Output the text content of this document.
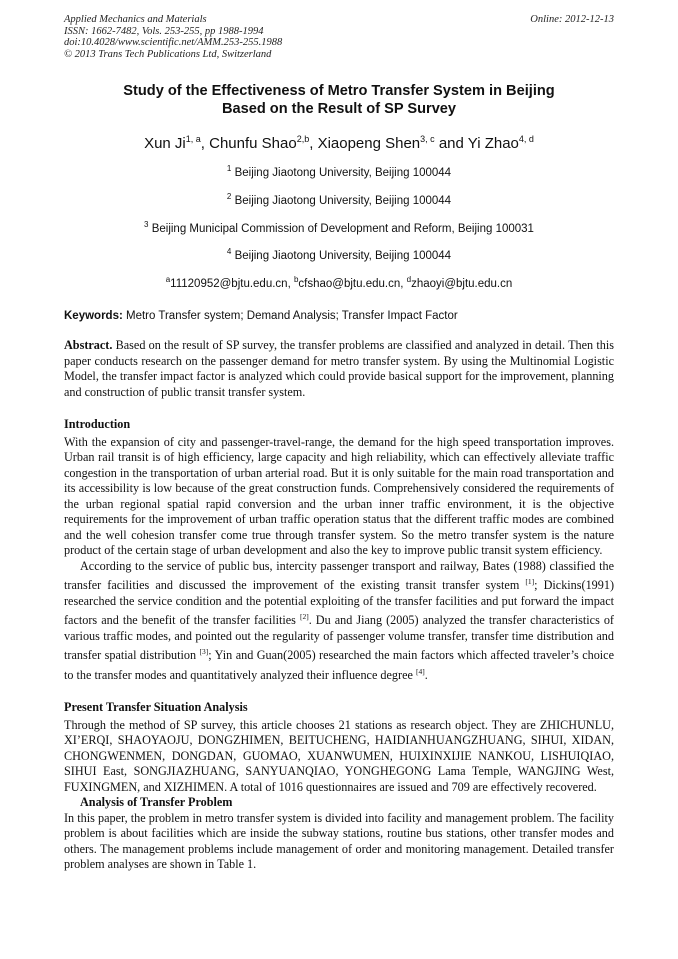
Applied Mechanics and Materials
ISSN: 1662-7482, Vols. 253-255, pp 1988-1994
doi:10.4028/www.scientific.net/AMM.253-255.1988
© 2013 Trans Tech Publications Ltd, Switzerland
Online: 2012-12-13
Study of the Effectiveness of Metro Transfer System in Beijing
Based on the Result of SP Survey
Xun Ji$^{1, a}$, Chunfu Shao$^{2,b}$, Xiaopeng Shen$^{3, c}$ and Yi Zhao$^{4, d}$
$^1$ Beijing Jiaotong University, Beijing 100044
$^2$ Beijing Jiaotong University, Beijing 100044
$^3$ Beijing Municipal Commission of Development and Reform, Beijing 100031
$^4$ Beijing Jiaotong University, Beijing 100044
$^a$11120952@bjtu.edu.cn, $^b$cfshao@bjtu.edu.cn, $^d$zhaoyi@bjtu.edu.cn
Keywords: Metro Transfer system; Demand Analysis; Transfer Impact Factor
Abstract. Based on the result of SP survey, the transfer problems are classified and analyzed in detail. Then this paper conducts research on the passenger demand for metro transfer system. By using the Multinomial Logistic Model, the transfer impact factor is analyzed which could provide basical support for the improvement, planning and construction of public transit transfer system.
Introduction
With the expansion of city and passenger-travel-range, the demand for the high speed transportation improves. Urban rail transit is of high efficiency, large capacity and high reliability, which can effectively alleviate traffic congestion in the transportation of urban arterial road. But it is only suitable for the main road transportation and its accessibility is low because of the great construction funds. Comprehensively considered the requirements of the urban regional spatial rapid conversion and the urban inner traffic environment, it is the objective requirements for the improvement of urban traffic operation status that the different traffic modes are combined and the well cohesion transfer come true through transfer system. So the metro transfer system is the nature product of the certain stage of urban development and also the key to improve public transit system efficiency.
According to the service of public bus, intercity passenger transport and railway, Bates (1988) classified the transfer facilities and discussed the improvement of the existing transit transfer system [1]; Dickins(1991) researched the service condition and the potential exploiting of the transfer facilities and put forward the impact factors and the benefit of the transfer facilities [2]. Du and Jiang (2005) analyzed the transfer characteristics of various traffic modes, and pointed out the regularity of passenger volume transfer, transfer time distribution and transfer spatial distribution [3]; Yin and Guan(2005) researched the main factors which affected traveler’s choice to the transfer modes and quantitatively analyzed their influence degree [4].
Present Transfer Situation Analysis
Through the method of SP survey, this article chooses 21 stations as research object. They are ZHICHUNLU, XI’ERQI, SHAOYAOJU, DONGZHIMEN, BEITUCHENG, HAIDIANHUANGZHUANG, SIHUI, XIDAN, CHONGWENMEN, DONGDAN, GUOMAO, XUANWUMEN, HUIXINXIJIE NANKOU, LISHUIQIAO, SIHUI East, SONGJIAZHUANG, SANYUANQIAO, YONGHEGONG Lama Temple, WANGJING West, FUXINGMEN, and XIZHIMEN. A total of 1016 questionnaires are issued and 709 are effectively recovered.
Analysis of Transfer Problem
In this paper, the problem in metro transfer system is divided into facility and management problem. The facility problem is about facilities which are inside the subway stations, routine bus stations, other transfer modes and others. The management problems include management of order and monitoring management. Detailed transfer problem analyses are shown in Table 1.
